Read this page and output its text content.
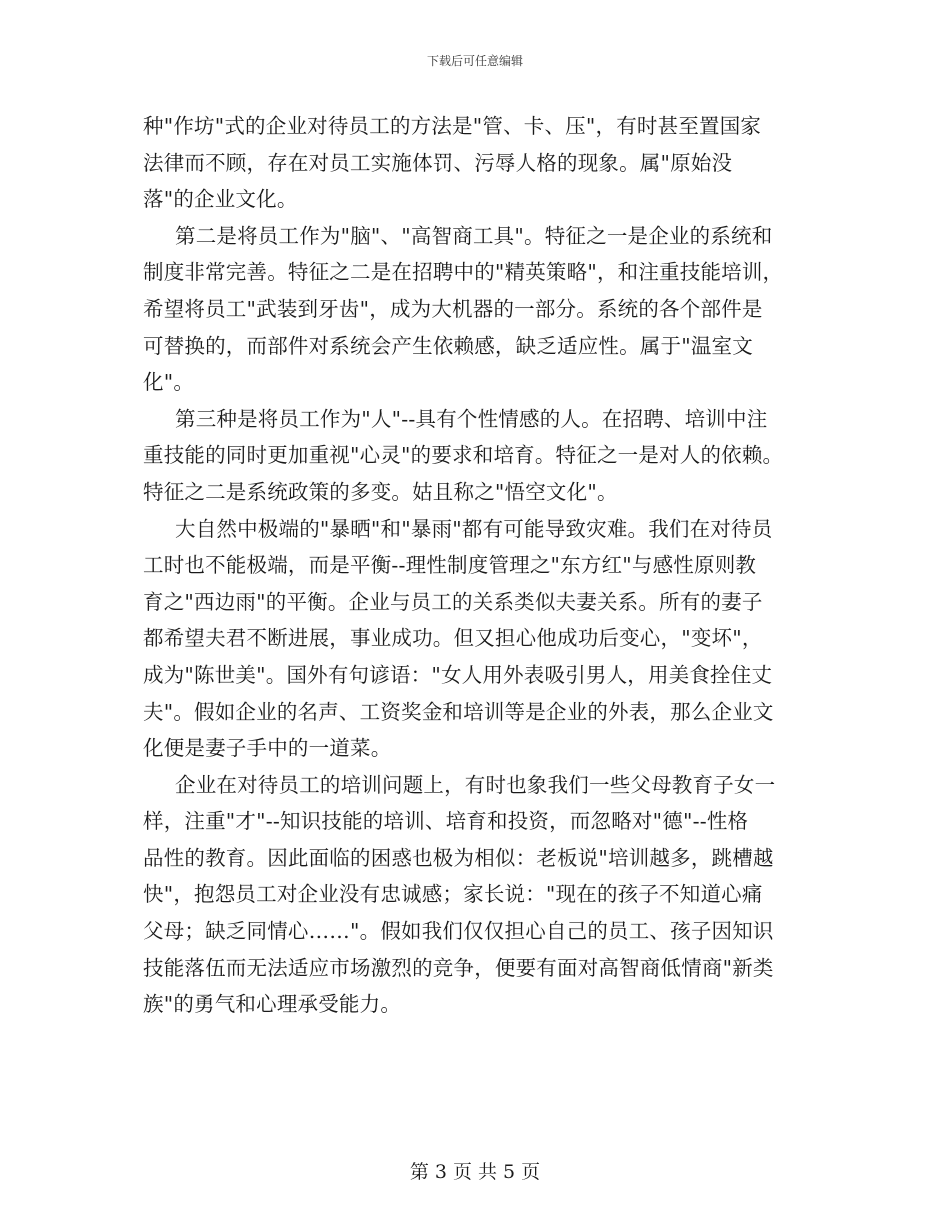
下载后可任意编辑
种"作坊"式的企业对待员工的方法是"管、卡、压"，有时甚至置国家
法律而不顾，存在对员工实施体罚、污辱人格的现象。属"原始没
落"的企业文化。
第二是将员工作为"脑"、"高智商工具"。特征之一是企业的系统和
制度非常完善。特征之二是在招聘中的"精英策略"，和注重技能培训，
希望将员工"武装到牙齿"，成为大机器的一部分。系统的各个部件是
可替换的，而部件对系统会产生依赖感，缺乏适应性。属于"温室文
化"。
第三种是将员工作为"人"--具有个性情感的人。在招聘、培训中注
重技能的同时更加重视"心灵"的要求和培育。特征之一是对人的依赖。
特征之二是系统政策的多变。姑且称之"悟空文化"。
大自然中极端的"暴晒"和"暴雨"都有可能导致灾难。我们在对待员
工时也不能极端，而是平衡--理性制度管理之"东方红"与感性原则教
育之"西边雨"的平衡。企业与员工的关系类似夫妻关系。所有的妻子
都希望夫君不断进展，事业成功。但又担心他成功后变心，"变坏"，
成为"陈世美"。国外有句谚语："女人用外表吸引男人，用美食拴住丈
夫"。假如企业的名声、工资奖金和培训等是企业的外表，那么企业文
化便是妻子手中的一道菜。
企业在对待员工的培训问题上，有时也象我们一些父母教育子女一
样，注重"才"--知识技能的培训、培育和投资，而忽略对"德"--性格
品性的教育。因此面临的困惑也极为相似：老板说"培训越多，跳槽越
快"，抱怨员工对企业没有忠诚感；家长说："现在的孩子不知道心痛
父母；缺乏同情心……"。假如我们仅仅担心自己的员工、孩子因知识
技能落伍而无法适应市场激烈的竞争，便要有面对高智商低情商"新类
族"的勇气和心理承受能力。
第 3 页 共 5 页
